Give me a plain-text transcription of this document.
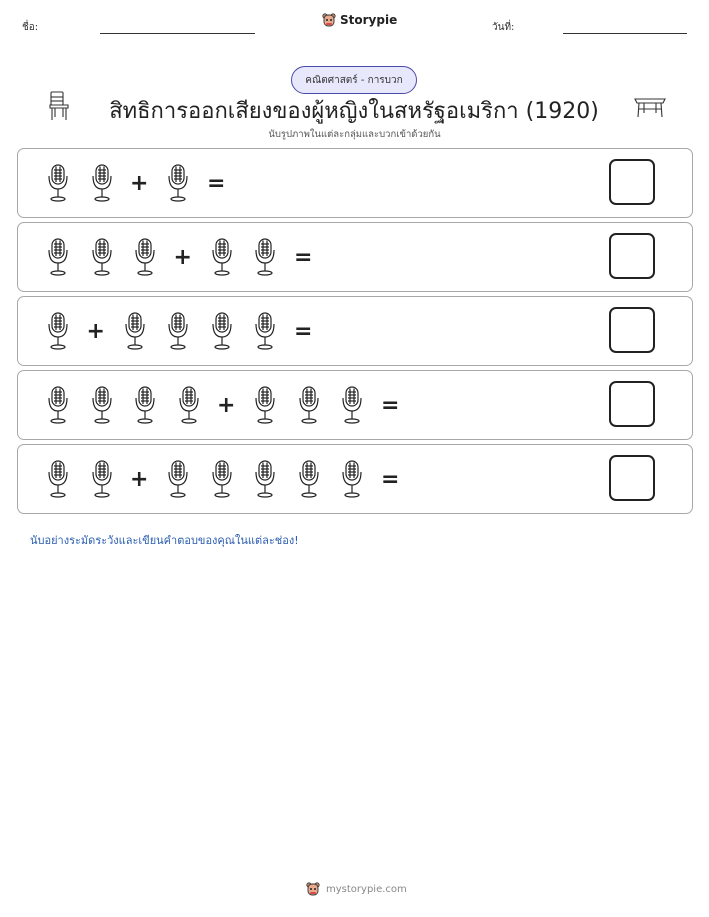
ชื่อ:
Storypie
วันที่:
คณิตศาสตร์ - การบวก
สิทธิการออกเสียงของผู้หญิงในสหรัฐอเมริกา (1920)
นับรูปภาพในแต่ละกลุ่มและบวกเข้าด้วยกัน
+	=
+	=
+	=
+	=
+	=
นับอย่างระมัดระวังและเขียนคำตอบของคุณในแต่ละช่อง!
mystorypie.com
